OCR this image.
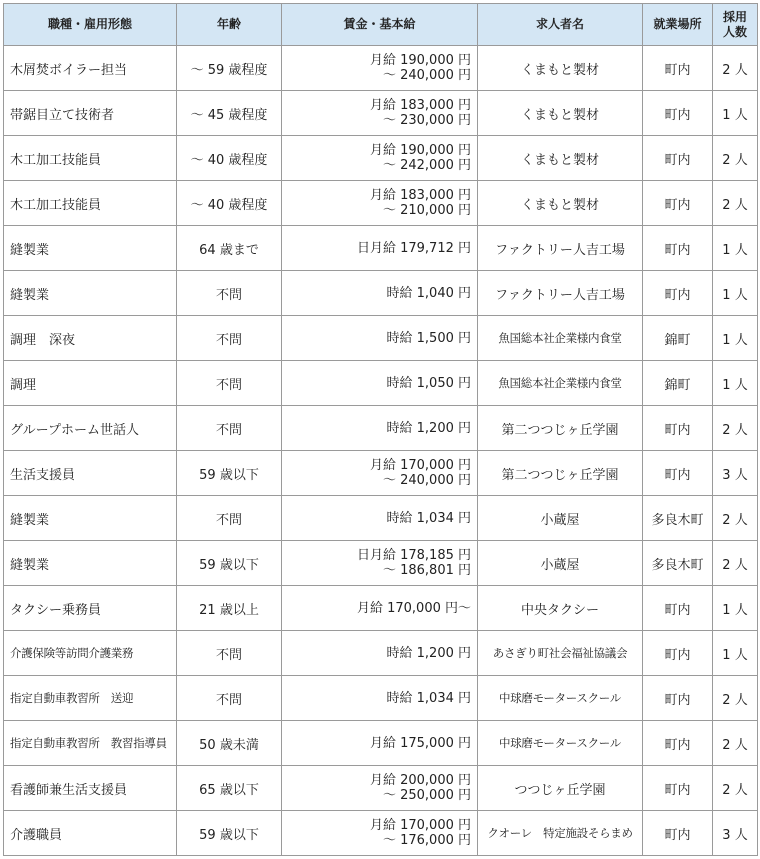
職種・雇用形態	年齢	賃金・基本給	求人者名	就業場所	採用
人数
木屑焚ボイラー担当	～ 59 歳程度	月給 190,000 円
～ 240,000 円	くまもと製材	町内	2 人
帯鋸目立て技術者	～ 45 歳程度	月給 183,000 円
～ 230,000 円	くまもと製材	町内	1 人
木工加工技能員	～ 40 歳程度	月給 190,000 円
～ 242,000 円	くまもと製材	町内	2 人
木工加工技能員	～ 40 歳程度	月給 183,000 円
～ 210,000 円	くまもと製材	町内	2 人
縫製業	64 歳まで	日月給 179,712 円	ファクトリー人吉工場	町内	1 人
縫製業	不問	時給 1,040 円	ファクトリー人吉工場	町内	1 人
調理　深夜	不問	時給 1,500 円	魚国総本社企業様内食堂	錦町	1 人
調理	不問	時給 1,050 円	魚国総本社企業様内食堂	錦町	1 人
グループホーム世話人	不問	時給 1,200 円	第二つつじヶ丘学園	町内	2 人
生活支援員	59 歳以下	月給 170,000 円
～ 240,000 円	第二つつじヶ丘学園	町内	3 人
縫製業	不問	時給 1,034 円	小蔵屋	多良木町	2 人
縫製業	59 歳以下	日月給 178,185 円
～ 186,801 円	小蔵屋	多良木町	2 人
タクシー乗務員	21 歳以上	月給 170,000 円～	中央タクシー	町内	1 人
介護保険等訪問介護業務	不問	時給 1,200 円	あさぎり町社会福祉協議会	町内	1 人
指定自動車教習所　送迎	不問	時給 1,034 円	中球磨モータースクール	町内	2 人
指定自動車教習所　教習指導員	50 歳未満	月給 175,000 円	中球磨モータースクール	町内	2 人
看護師兼生活支援員	65 歳以下	月給 200,000 円
～ 250,000 円	つつじヶ丘学園	町内	2 人
介護職員	59 歳以下	月給 170,000 円
～ 176,000 円	クオーレ　特定施設そらまめ	町内	3 人
